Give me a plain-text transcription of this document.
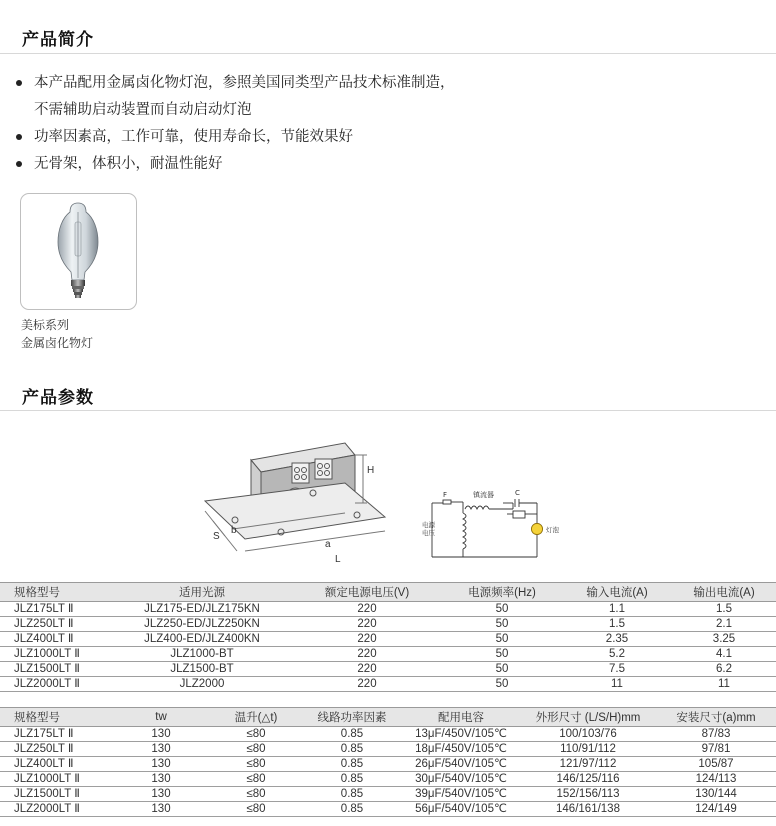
产品简介
本产品配用金属卤化物灯泡，参照美国同类型产品技术标准制造，
不需辅助启动装置而自动启动灯泡
功率因素高，工作可靠，使用寿命长，节能效果好
无骨架，体积小，耐温性能好
美标系列
金属卤化物灯
产品参数
H
S
b
a
L
F	镇流器	C
电源
电压	灯泡
规格型号	适用光源	额定电源电压(V)	电源频率(Hz)	输入电流(A)	输出电流(A)
JLZ175LT Ⅱ	JLZ175-ED/JLZ175KN	220	50	1.1	1.5
JLZ250LT Ⅱ	JLZ250-ED/JLZ250KN	220	50	1.5	2.1
JLZ400LT Ⅱ	JLZ400-ED/JLZ400KN	220	50	2.35	3.25
JLZ1000LT Ⅱ	JLZ1000-BT	220	50	5.2	4.1
JLZ1500LT Ⅱ	JLZ1500-BT	220	50	7.5	6.2
JLZ2000LT Ⅱ	JLZ2000	220	50	11	11
规格型号	tw	温升(△t)	线路功率因素	配用电容	外形尺寸 (L/S/H)mm	安装尺寸(a)mm
JLZ175LT Ⅱ	130	≤80	0.85	13μF/450V/105℃	100/103/76	87/83
JLZ250LT Ⅱ	130	≤80	0.85	18μF/450V/105℃	110/91/112	97/81
JLZ400LT Ⅱ	130	≤80	0.85	26μF/540V/105℃	121/97/112	105/87
JLZ1000LT Ⅱ	130	≤80	0.85	30μF/540V/105℃	146/125/116	124/113
JLZ1500LT Ⅱ	130	≤80	0.85	39μF/540V/105℃	152/156/113	130/144
JLZ2000LT Ⅱ	130	≤80	0.85	56μF/540V/105℃	146/161/138	124/149
